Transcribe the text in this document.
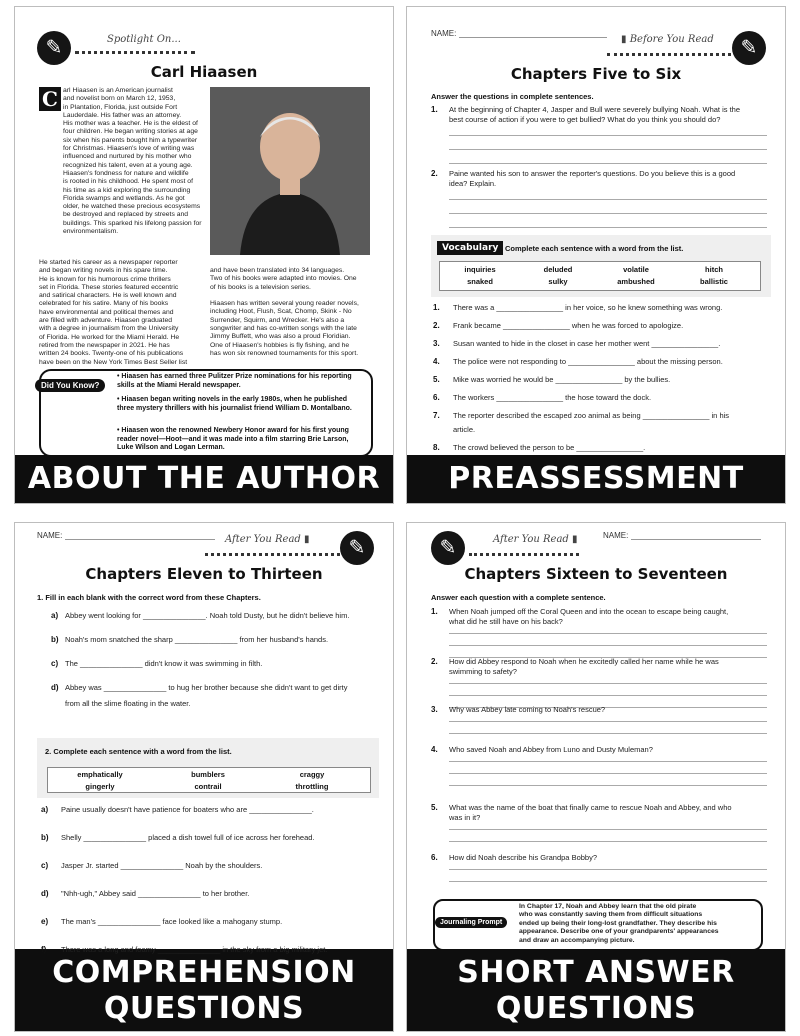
✎	Spotlight On...
Carl Hiaasen
C arl Hiaasen is an American journalist
and novelist born on March 12, 1953,
in Plantation, Florida, just outside Fort
Lauderdale. His father was an attorney.
His mother was a teacher. He is the eldest of
four children. He began writing stories at age
six when his parents bought him a typewriter
for Christmas. Hiaasen's love of writing was
influenced and nurtured by his mother who
recognized his talent, even at a young age.
Hiaasen's fondness for nature and wildlife
is rooted in his childhood. He spent most of
his time as a kid exploring the surrounding
Florida swamps and wetlands. As he got
older, he watched these precious ecosystems
be destroyed and replaced by streets and
buildings. This sparked his lifelong passion for
environmentalism.
He started his career as a newspaper reporter
and began writing novels in his spare time.
He is known for his humorous crime thrillers
set in Florida. These stories featured eccentric
and satirical characters. He is well known and
celebrated for his satire. Many of his books
have environmental and political themes and
are filled with adventure. Hiaasen graduated
with a degree in journalism from the University
of Florida. He worked for the Miami Herald. He
retired from the newspaper in 2021. He has
written 24 books. Twenty-one of his publications
have been on the New York Times Best Seller list
and have been translated into 34 languages.
Two of his books were adapted into movies. One
of his books is a television series.
Hiaasen has written several young reader novels,
including Hoot, Flush, Scat, Chomp, Skink - No
Surrender, Squirm, and Wrecker. He's also a
songwriter and has co-written songs with the late
Jimmy Buffett, who was also a proud Floridian.
One of Hiaasen's hobbies is fly fishing, and he
has won six renowned tournaments for this sport.
Did You Know?
• Hiaasen has earned three Pulitzer Prize nominations for his reporting skills at the Miami Herald newspaper.
• Hiaasen began writing novels in the early 1980s, when he published three mystery thrillers with his journalist friend William D. Montalbano.
• Hiaasen won the renowned Newbery Honor award for his first young reader novel—Hoot—and it was made into a film starring Brie Larson, Luke Wilson and Logan Lerman.
ABOUT THE AUTHOR
NAME:
▮ Before You Read	✎
Chapters Five to Six
Answer the questions in complete sentences.
1. At the beginning of Chapter 4, Jasper and Bull were severely bullying Noah. What is the
best course of action if you were to get bullied? What do you think you should do?
2. Paine wanted his son to answer the reporter's questions. Do you believe this is a good
idea? Explain.
Vocabulary Complete each sentence with a word from the list.
inquiries	deluded	volatile	hitch
snaked	sulky	ambushed	ballistic
PREASSESSMENT
1. There was a ________________ in her voice, so he knew something was wrong.
2. Frank became ________________ when he was forced to apologize.
3. Susan wanted to hide in the closet in case her mother went ________________.
4. The police were not responding to ________________ about the missing person.
5. Mike was worried he would be ________________ by the bullies.
6. The workers ________________ the hose toward the dock.
7. The reporter described the escaped zoo animal as being ________________ in his
article.
8. The crowd believed the person to be ________________.
NAME:	After You Read ▮	✎
Chapters Eleven to Thirteen
1. Fill in each blank with the correct word from these Chapters.
2. Complete each sentence with a word from the list.
emphatically	bumblers	craggy
gingerly	contrail	throttling
COMPREHENSION
QUESTIONS
a) Abbey went looking for _______________. Noah told Dusty, but he didn't believe him.
b) Noah's mom snatched the sharp _______________ from her husband's hands.
c) The _______________ didn't know it was swimming in filth.
d) Abbey was _______________ to hug her brother because she didn't want to get dirty
from all the slime floating in the water.
a) Paine usually doesn't have patience for boaters who are _______________.
b) Shelly _______________ placed a dish towel full of ice across her forehead.
c) Jasper Jr. started _______________ Noah by the shoulders.
d) "Nhh-ugh," Abbey said _______________ to her brother.
e) The man's _______________ face looked like a mahogany stump.
f) There was a long and foamy _______________ in the sky from a big military jet.
✎	After You Read ▮	NAME:
Chapters Sixteen to Seventeen
Answer each question with a complete sentence.
Journaling Prompt
In Chapter 17, Noah and Abbey learn that the old pirate
who was constantly saving them from difficult situations
ended up being their long-lost grandfather. They describe his
appearance. Describe one of your grandparents' appearances
and draw an accompanying picture.
SHORT ANSWER
QUESTIONS
1. When Noah jumped off the Coral Queen and into the ocean to escape being caught,
what did he still have on his back?
2. How did Abbey respond to Noah when he excitedly called her name while he was
swimming to safety?
3. Why was Abbey late coming to Noah's rescue?
4. Who saved Noah and Abbey from Luno and Dusty Muleman?
5. What was the name of the boat that finally came to rescue Noah and Abbey, and who
was in it?
6. How did Noah describe his Grandpa Bobby?
